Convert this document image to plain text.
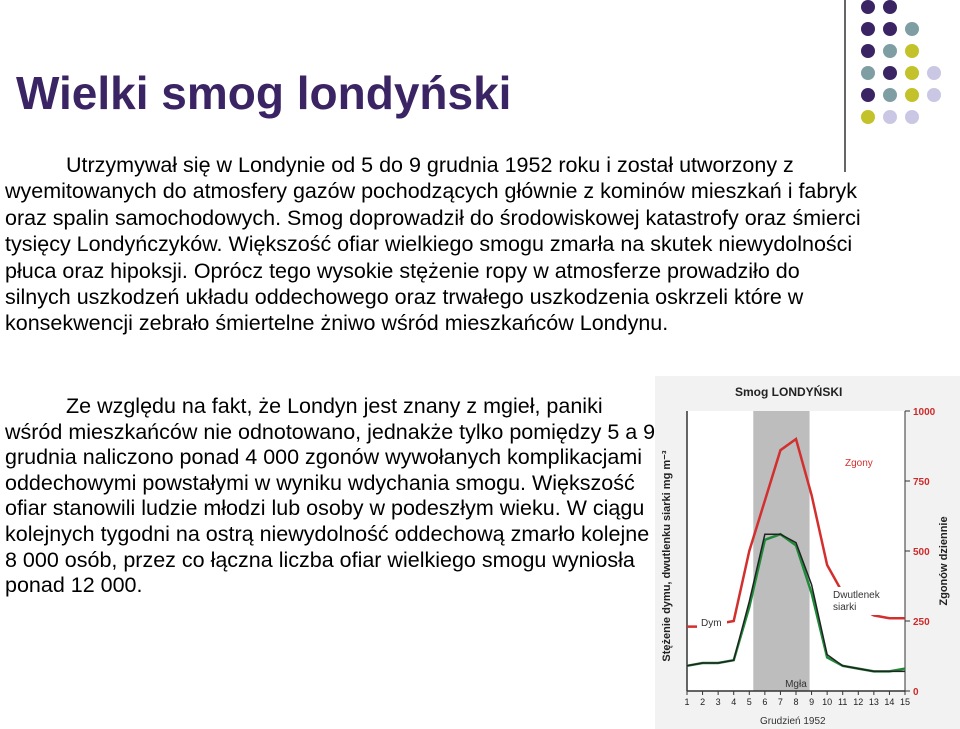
Wielki smog londyński

Utrzymywał się w Londynie od 5 do 9 grudnia 1952 roku i został utworzony z wyemitowanych do atmosfery gazów pochodzących głównie z kominów mieszkań i fabryk oraz spalin samochodowych. Smog doprowadził do środowiskowej katastrofy oraz śmierci tysięcy Londyńczyków. Większość ofiar wielkiego smogu zmarła na skutek niewydolności płuca oraz hipoksji. Oprócz tego wysokie stężenie ropy w atmosferze prowadziło do silnych uszkodzeń układu oddechowego oraz trwałego uszkodzenia oskrzeli które w konsekwencji zebrało śmiertelne żniwo wśród mieszkańców Londynu.

Ze względu na fakt, że Londyn jest znany z mgieł, paniki wśród mieszkańców nie odnotowano, jednakże tylko pomiędzy 5 a 9 grudnia naliczono ponad 4 000 zgonów wywołanych komplikacjami oddechowymi powstałymi w wyniku wdychania smogu. Większość ofiar stanowili ludzie młodzi lub osoby w podeszłym wieku. W ciągu kolejnych tygodni na ostrą niewydolność oddechową zmarło kolejne 8 000 osób, przez co łączna liczba ofiar wielkiego smogu wyniosła ponad 12 000.

Smog LONDYŃSKI
Stężenie dymu, dwutlenku siarki mg m⁻³	Zgonów dziennie
0
250
500
750
1000
1 2 3 4 5 6 7 8 9 10 11 12 13 14 15
Zgony
Dwutlenek
siarki
Dym
Mgła
Grudzień 1952
